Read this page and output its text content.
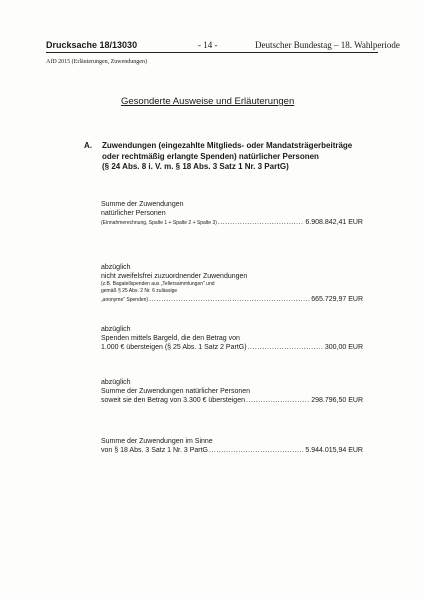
Drucksache 18/13030	- 14 -	Deutscher Bundestag – 18. Wahlperiode
AfD 2015 (Erläuterungen, Zuwendungen)
Gesonderte Ausweise und Erläuterungen
A. Zuwendungen (eingezahlte Mitglieds- oder Mandatsträgerbeiträge
oder rechtmäßig erlangte Spenden) natürlicher Personen
(§ 24 Abs. 8 i. V. m. § 18 Abs. 3 Satz 1 Nr. 3 PartG)
Summe der Zuwendungen
natürlicher Personen
(Einnahmerechnung, Spalte 1 + Spalte 2 + Spalte 3) .....	6.908.842,41 EUR
abzüglich
nicht zweifelsfrei zuzuordnender Zuwendungen
(z.B. Bagatellspenden aus „Tellersammlungen" und
gemäß § 25 Abs. 2 Nr. 6 zulässige
„anonyme" Spenden) .....	665.729,97 EUR
abzüglich
Spenden mittels Bargeld, die den Betrag von
1.000 € übersteigen (§ 25 Abs. 1 Satz 2 PartG) .....	300,00 EUR
abzüglich
Summe der Zuwendungen natürlicher Personen
soweit sie den Betrag von 3.300 € übersteigen .....	298.796,50 EUR
Summe der Zuwendungen im Sinne
von § 18 Abs. 3 Satz 1 Nr. 3 PartG .....	5.944.015,94 EUR
